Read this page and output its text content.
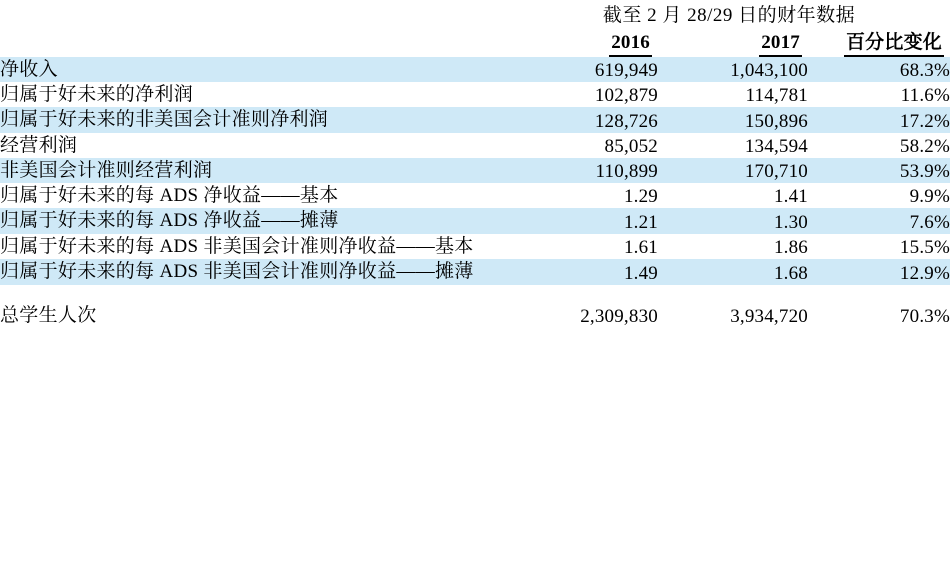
	截至 2 月 28/29 日的财年数据		
	2016	2017	百分比变化
净收入	619,949	1,043,100	68.3%
归属于好未来的净利润	102,879	114,781	11.6%
归属于好未来的非美国会计准则净利润	128,726	150,896	17.2%
经营利润	85,052	134,594	58.2%
非美国会计准则经营利润	110,899	170,710	53.9%
归属于好未来的每 ADS 净收益——基本	1.29	1.41	9.9%
归属于好未来的每 ADS 净收益——摊薄	1.21	1.30	7.6%
归属于好未来的每 ADS 非美国会计准则净收益——基本	1.61	1.86	15.5%
归属于好未来的每 ADS 非美国会计准则净收益——摊薄	1.49	1.68	12.9%

总学生人次	2,309,830	3,934,720	70.3%
